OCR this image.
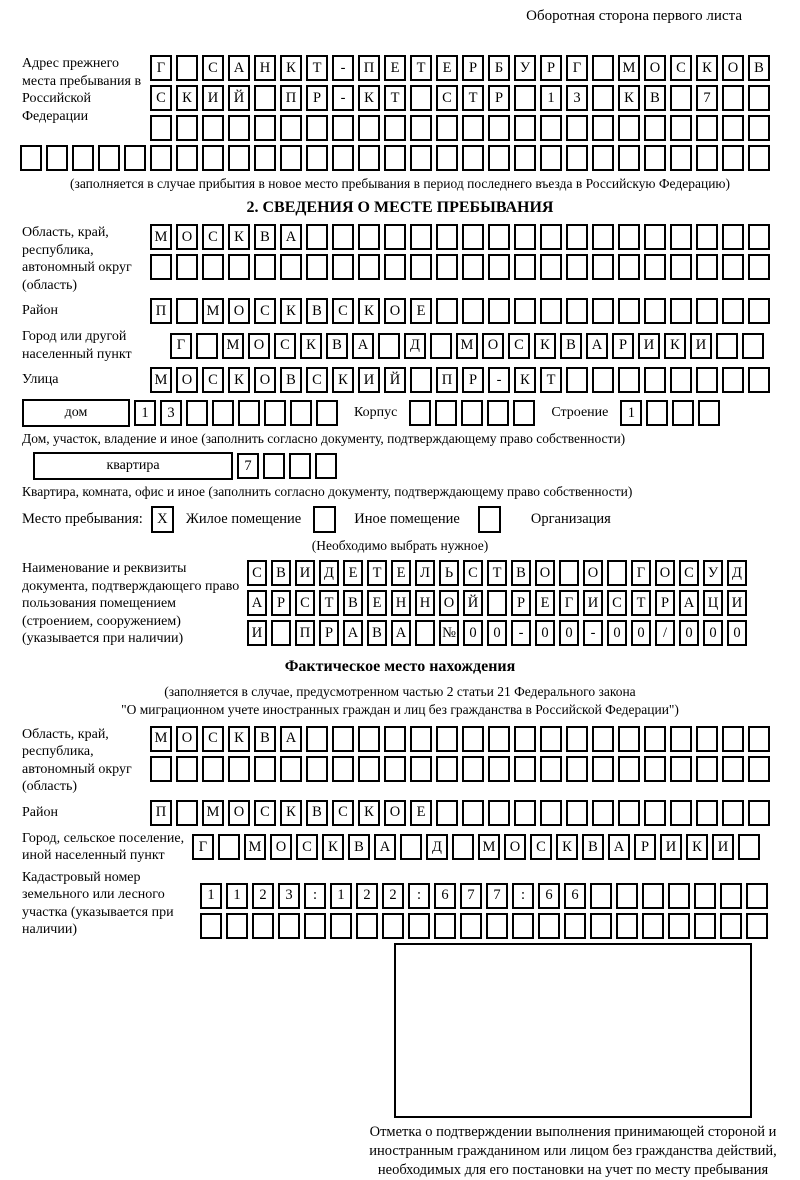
Оборотная сторона первого листа
Адрес прежнего места пребывания в Российской Федерации
Г	С	А	Н	К	Т	-	П	Е	Т	Е	Р	Б	У	Р	Г	М О	С	К	О	В
С	К	И	Й	П	Р	-	К	Т	С	Т	Р	1	3	К	В	7
(заполняется в случае прибытия в новое место пребывания в период последнего въезда в Российскую Федерацию)
2. СВЕДЕНИЯ О МЕСТЕ ПРЕБЫВАНИЯ
Область, край, республика, автономный округ (область)
М О	С	К	В	А
Район	П	М О	С	К	В	С	К	О	Е
Город или другой населенный пункт
Г	М О	С	К	В	А	Д	М О	С	К	В	А	Р	И	К	И
Улица	М О	С	К	О	В	С	К	И	Й	П	Р	-	К	Т
дом	1	3	Корпус	Строение	1
Дом, участок, владение и иное (заполнить согласно документу, подтверждающему право собственности)
квартира	7
Квартира, комната, офис и иное (заполнить согласно документу, подтверждающему право собственности)
Место пребывания: X	Жилое помещение	Иное помещение	Организация
(Необходимо выбрать нужное)
Наименование и реквизиты документа, подтверждающего право пользования помещением (строением, сооружением) (указывается при наличии)
С В И Д	Е	Т	Е	Л	Ь	С	Т	В О	О	Г	О С У Д
А	Р	С	Т	В	Е Н Н О Й	Р	Е	Г	И С	Т	Р	А Ц И
И	П	Р	А В А	№ 0	0	-	0	0	-	0	0	/	0	0	0
Фактическое место нахождения
(заполняется в случае, предусмотренном частью 2 статьи 21 Федерального закона
"О миграционном учете иностранных граждан и лиц без гражданства в Российской Федерации")
Область, край, республика, автономный округ (область)
М О	С	К	В	А
Район	П	М О	С	К	В	С	К	О	Е
Город, сельское поселение, иной населенный пункт
Г	М О	С	К	В	А	Д	М О	С	К	В	А	Р	И	К	И
Кадастровый номер земельного или лесного участка (указывается при наличии)
1	1	2	3	:	1	2	2	:	6	7	7	:	6	6
Отметка о подтверждении выполнения принимающей стороной и иностранным гражданином или лицом без гражданства действий, необходимых для его постановки на учет по месту пребывания
